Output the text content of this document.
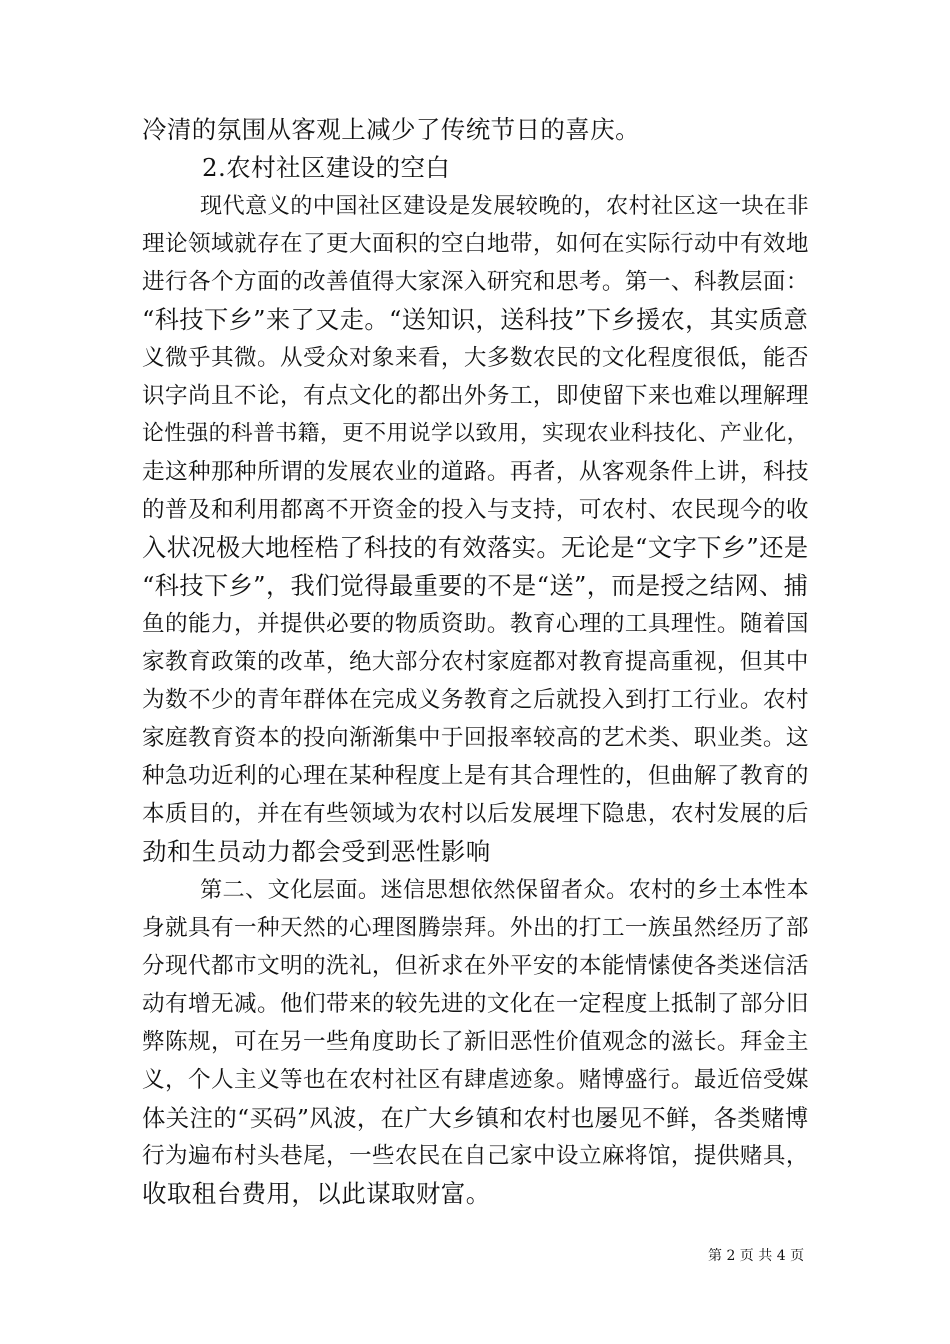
冷清的氛围从客观上减少了传统节日的喜庆。
2.农村社区建设的空白
现代意义的中国社区建设是发展较晚的，农村社区这一块在非
理论领域就存在了更大面积的空白地带，如何在实际行动中有效地
进行各个方面的改善值得大家深入研究和思考。第一、科教层面：
“科技下乡”来了又走。“送知识，送科技”下乡援农，其实质意
义微乎其微。从受众对象来看，大多数农民的文化程度很低，能否
识字尚且不论，有点文化的都出外务工，即使留下来也难以理解理
论性强的科普书籍，更不用说学以致用，实现农业科技化、产业化，
走这种那种所谓的发展农业的道路。再者，从客观条件上讲，科技
的普及和利用都离不开资金的投入与支持，可农村、农民现今的收
入状况极大地桎梏了科技的有效落实。无论是“文字下乡”还是
“科技下乡”，我们觉得最重要的不是“送”，而是授之结网、捕
鱼的能力，并提供必要的物质资助。教育心理的工具理性。随着国
家教育政策的改革，绝大部分农村家庭都对教育提高重视，但其中
为数不少的青年群体在完成义务教育之后就投入到打工行业。农村
家庭教育资本的投向渐渐集中于回报率较高的艺术类、职业类。这
种急功近利的心理在某种程度上是有其合理性的，但曲解了教育的
本质目的，并在有些领域为农村以后发展埋下隐患，农村发展的后
劲和生员动力都会受到恶性影响
第二、文化层面。迷信思想依然保留者众。农村的乡土本性本
身就具有一种天然的心理图腾崇拜。外出的打工一族虽然经历了部
分现代都市文明的洗礼，但祈求在外平安的本能情愫使各类迷信活
动有增无减。他们带来的较先进的文化在一定程度上抵制了部分旧
弊陈规，可在另一些角度助长了新旧恶性价值观念的滋长。拜金主
义，个人主义等也在农村社区有肆虐迹象。赌博盛行。最近倍受媒
体关注的“买码”风波，在广大乡镇和农村也屡见不鲜，各类赌博
行为遍布村头巷尾，一些农民在自己家中设立麻将馆，提供赌具，
收取租台费用，以此谋取财富。
第 2 页 共 4 页
